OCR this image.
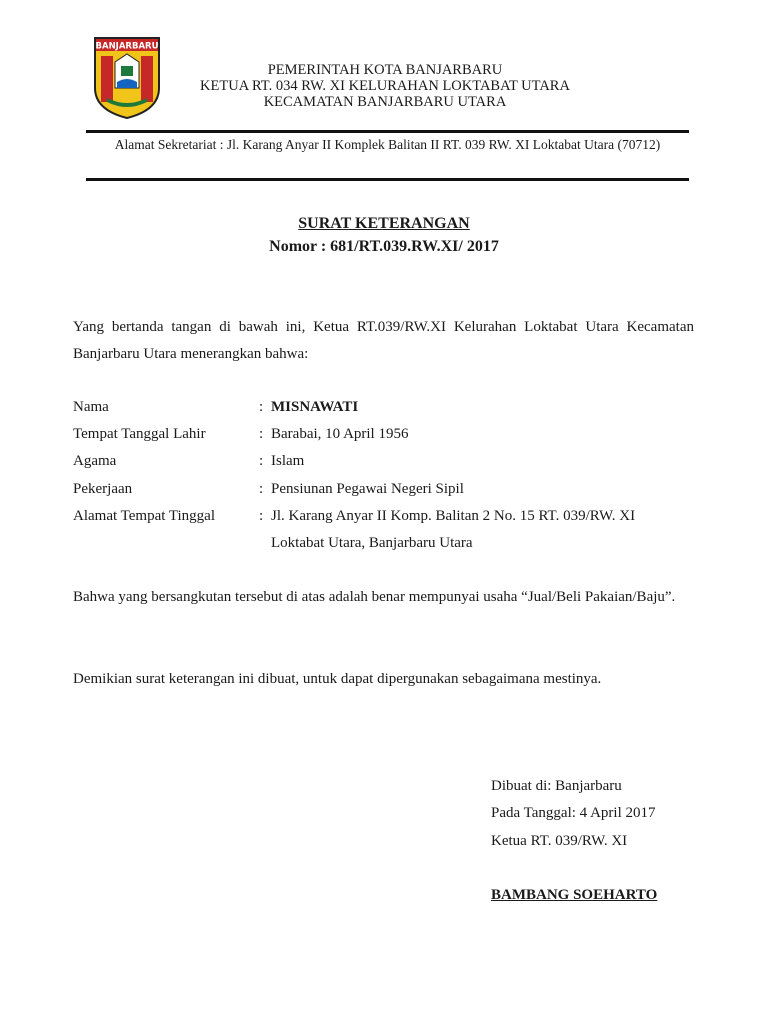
BANJARBARU
PEMERINTAH KOTA BANJARBARU
KETUA RT. 034 RW. XI KELURAHAN LOKTABAT UTARA
KECAMATAN BANJARBARU UTARA
Alamat Sekretariat : Jl. Karang Anyar II Komplek Balitan II RT. 039 RW. XI Loktabat Utara (70712)
SURAT KETERANGAN
Nomor : 681/RT.039.RW.XI/ 2017
Yang bertanda tangan di bawah ini, Ketua RT.039/RW.XI Kelurahan Loktabat Utara Kecamatan Banjarbaru Utara menerangkan bahwa:
Nama	: MISNAWATI
Tempat Tanggal Lahir	: Barabai, 10 April 1956
Agama	: Islam
Pekerjaan	: Pensiunan Pegawai Negeri Sipil
Alamat Tempat Tinggal	: Jl. Karang Anyar II Komp. Balitan 2 No. 15 RT. 039/RW. XI
Loktabat Utara, Banjarbaru Utara
Bahwa yang bersangkutan tersebut di atas adalah benar mempunyai usaha “Jual/Beli Pakaian/Baju”.
Demikian surat keterangan ini dibuat, untuk dapat dipergunakan sebagaimana mestinya.
Dibuat di: Banjarbaru
Pada Tanggal: 4 April 2017
Ketua RT. 039/RW. XI
BAMBANG SOEHARTO
